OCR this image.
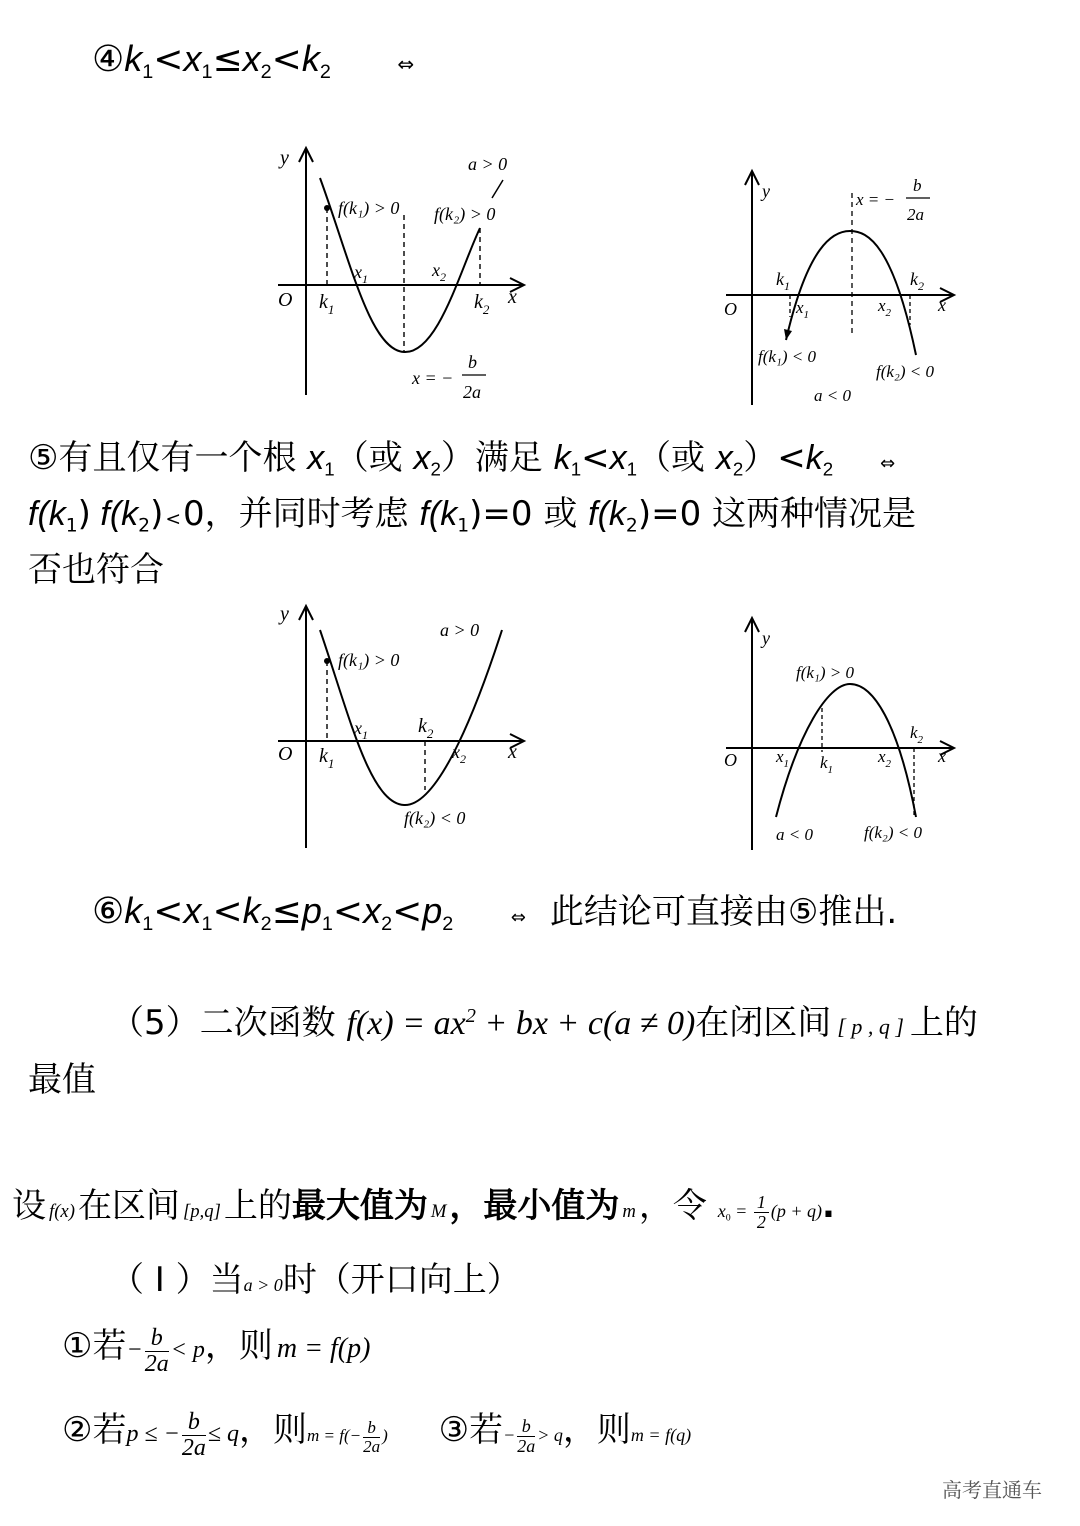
$④k_1<x_1\le x_2<k_2$	⇔
y
O	x
$k_1$	$k_2$
$x_1$	$x_2$
a > 0
f(k₁) > 0 f(k₂) > 0
x = −
b
2a
y
O	x
$k_1$	$k_2$
$x_1$	$x_2$
x = −
b
2a
f(k₁) < 0
f(k₂) < 0
a < 0
⑤有且仅有一个根 $x_1$（或 $x_2$）满足 $k_1<x_1$（或 $x_2)<k_2$	⇔
$f(k_1)$ $f(k_2) <0$，并同时考虑 $f(k_1)=0$ 或 $f(k_2)=0$ 这两种情况是
否也符合
y
O	x
$k_1$
$k_2$
$x_1$
$x_2$
a > 0
f(k₁) > 0
f(k₂) < 0
y
O	x
$k_1$
$k_2$
$x_1$	$x_2$
f(k₁) > 0
f(k₂) < 0
a < 0
$⑥k_1<x_1<k_2\le p_1<x_2<p_2$	⇔ 此结论可直接由⑤推出.
（5）二次函数 $f(x) = ax^2$ + bx + c(a ≠ 0)在闭区间 [ p , q ] 上的
最值
设f(x)在区间 [p,q]上的最大值为 M，最小值为 m，令 $x_0 = \frac{1}{2} (p + q)$.
（ I ）当a > 0时（开口向上）
①若− $\frac{b}{2a} < p$，则 m = f(p)
②若p ≤ − $\frac{b}{2a} \le q$，则$m = f(- \frac{b}{2a}$ ) ③若− $\frac{b}{2a} > q$，则m = f(q)
高考直通车
